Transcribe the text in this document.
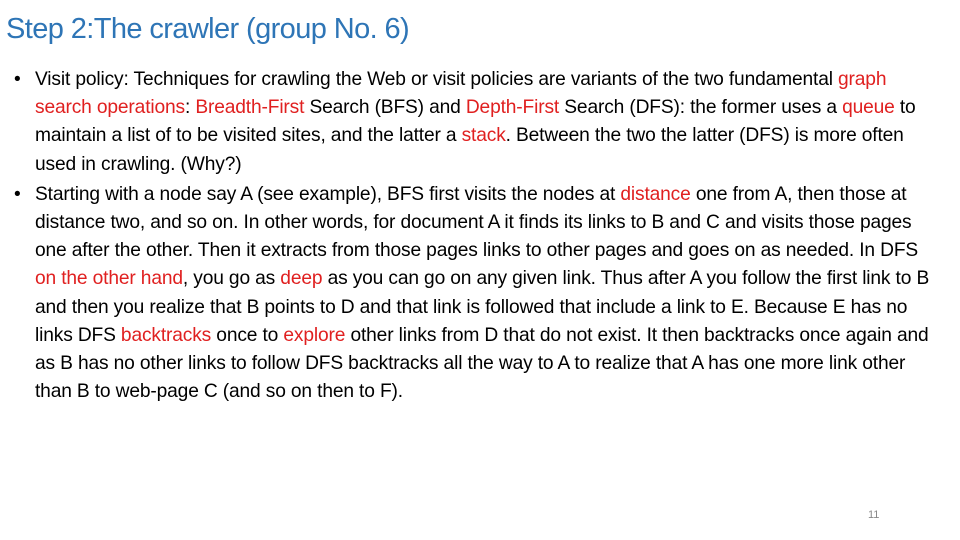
Step 2:The crawler (group No. 6)
• Visit policy: Techniques for crawling the Web or visit policies are variants of the two fundamental graph search operations: Breadth-First Search (BFS) and Depth-First Search (DFS): the former uses a queue to maintain a list of to be visited sites, and the latter a stack. Between the two the latter (DFS) is more often used in crawling. (Why?)
• Starting with a node say A (see example), BFS first visits the nodes at distance one from A, then those at distance two, and so on. In other words, for document A it finds its links to B and C and visits those pages one after the other. Then it extracts from those pages links to other pages and goes on as needed. In DFS on the other hand, you go as deep as you can go on any given link. Thus after A you follow the first link to B and then you realize that B points to D and that link is followed that include a link to E. Because E has no links DFS backtracks once to explore other links from D that do not exist. It then backtracks once again and as B has no other links to follow DFS backtracks all the way to A to realize that A has one more link other than B to web-page C (and so on then to F).
11
